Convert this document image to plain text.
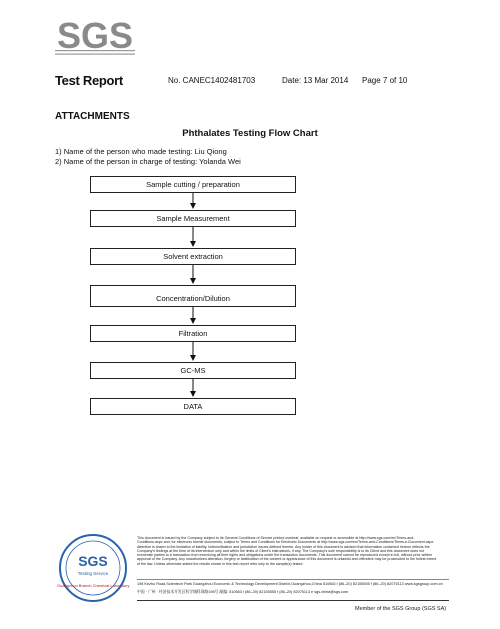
SGS
Test Report	No. CANEC1402481703	Date: 13 Mar 2014 Page 7 of 10
ATTACHMENTS
Phthalates Testing Flow Chart
1) Name of the person who made testing: Liu Qiong
2) Name of the person in charge of testing: Yolanda Wei
Sample cutting / preparation
Sample Measurement
Solvent extraction
Concentration/Dilution
Filtration
GC-MS
DATA
SGS
Testing Service
Guangzhou Branch Chemical Laboratory
This document is issued by the Company subject to its General Conditions of Service printed overleaf, available on request or accessible at http://www.sgs.com/en/Terms-and-Conditions.aspx and, for electronic format documents, subject to Terms and Conditions for Electronic Documents at http://www.sgs.com/en/Terms-and-Conditions/Terms-e-Document.aspx. Attention is drawn to the limitation of liability, indemnification and jurisdiction issues defined therein. Any holder of this document is advised that information contained hereon reflects the Company's findings at the time of its intervention only and within the limits of Client's instructions, if any. The Company's sole responsibility is to its Client and this document does not exonerate parties to a transaction from exercising all their rights and obligations under the transaction documents. This document cannot be reproduced except in full, without prior written approval of the Company. Any unauthorized alteration, forgery or falsification of the content or appearance of this document is unlawful and offenders may be prosecuted to the fullest extent of the law. Unless otherwise stated the results shown in this test report refer only to the sample(s) tested .
198 Kezhu Road,Scientech Park Guangzhou Economic & Technology Development District,Guangzhou,China 510663 t (86–20) 82155555 f (86–20) 82075113 www.sgsgroup.com.cn
中国 · 广州 · 经济技术开发区科学城科珠路198号 邮编: 510663 t (86–20) 82155555 f (86–20) 82075113 e sgs.china@sgs.com
Member of the SGS Group (SGS SA)
